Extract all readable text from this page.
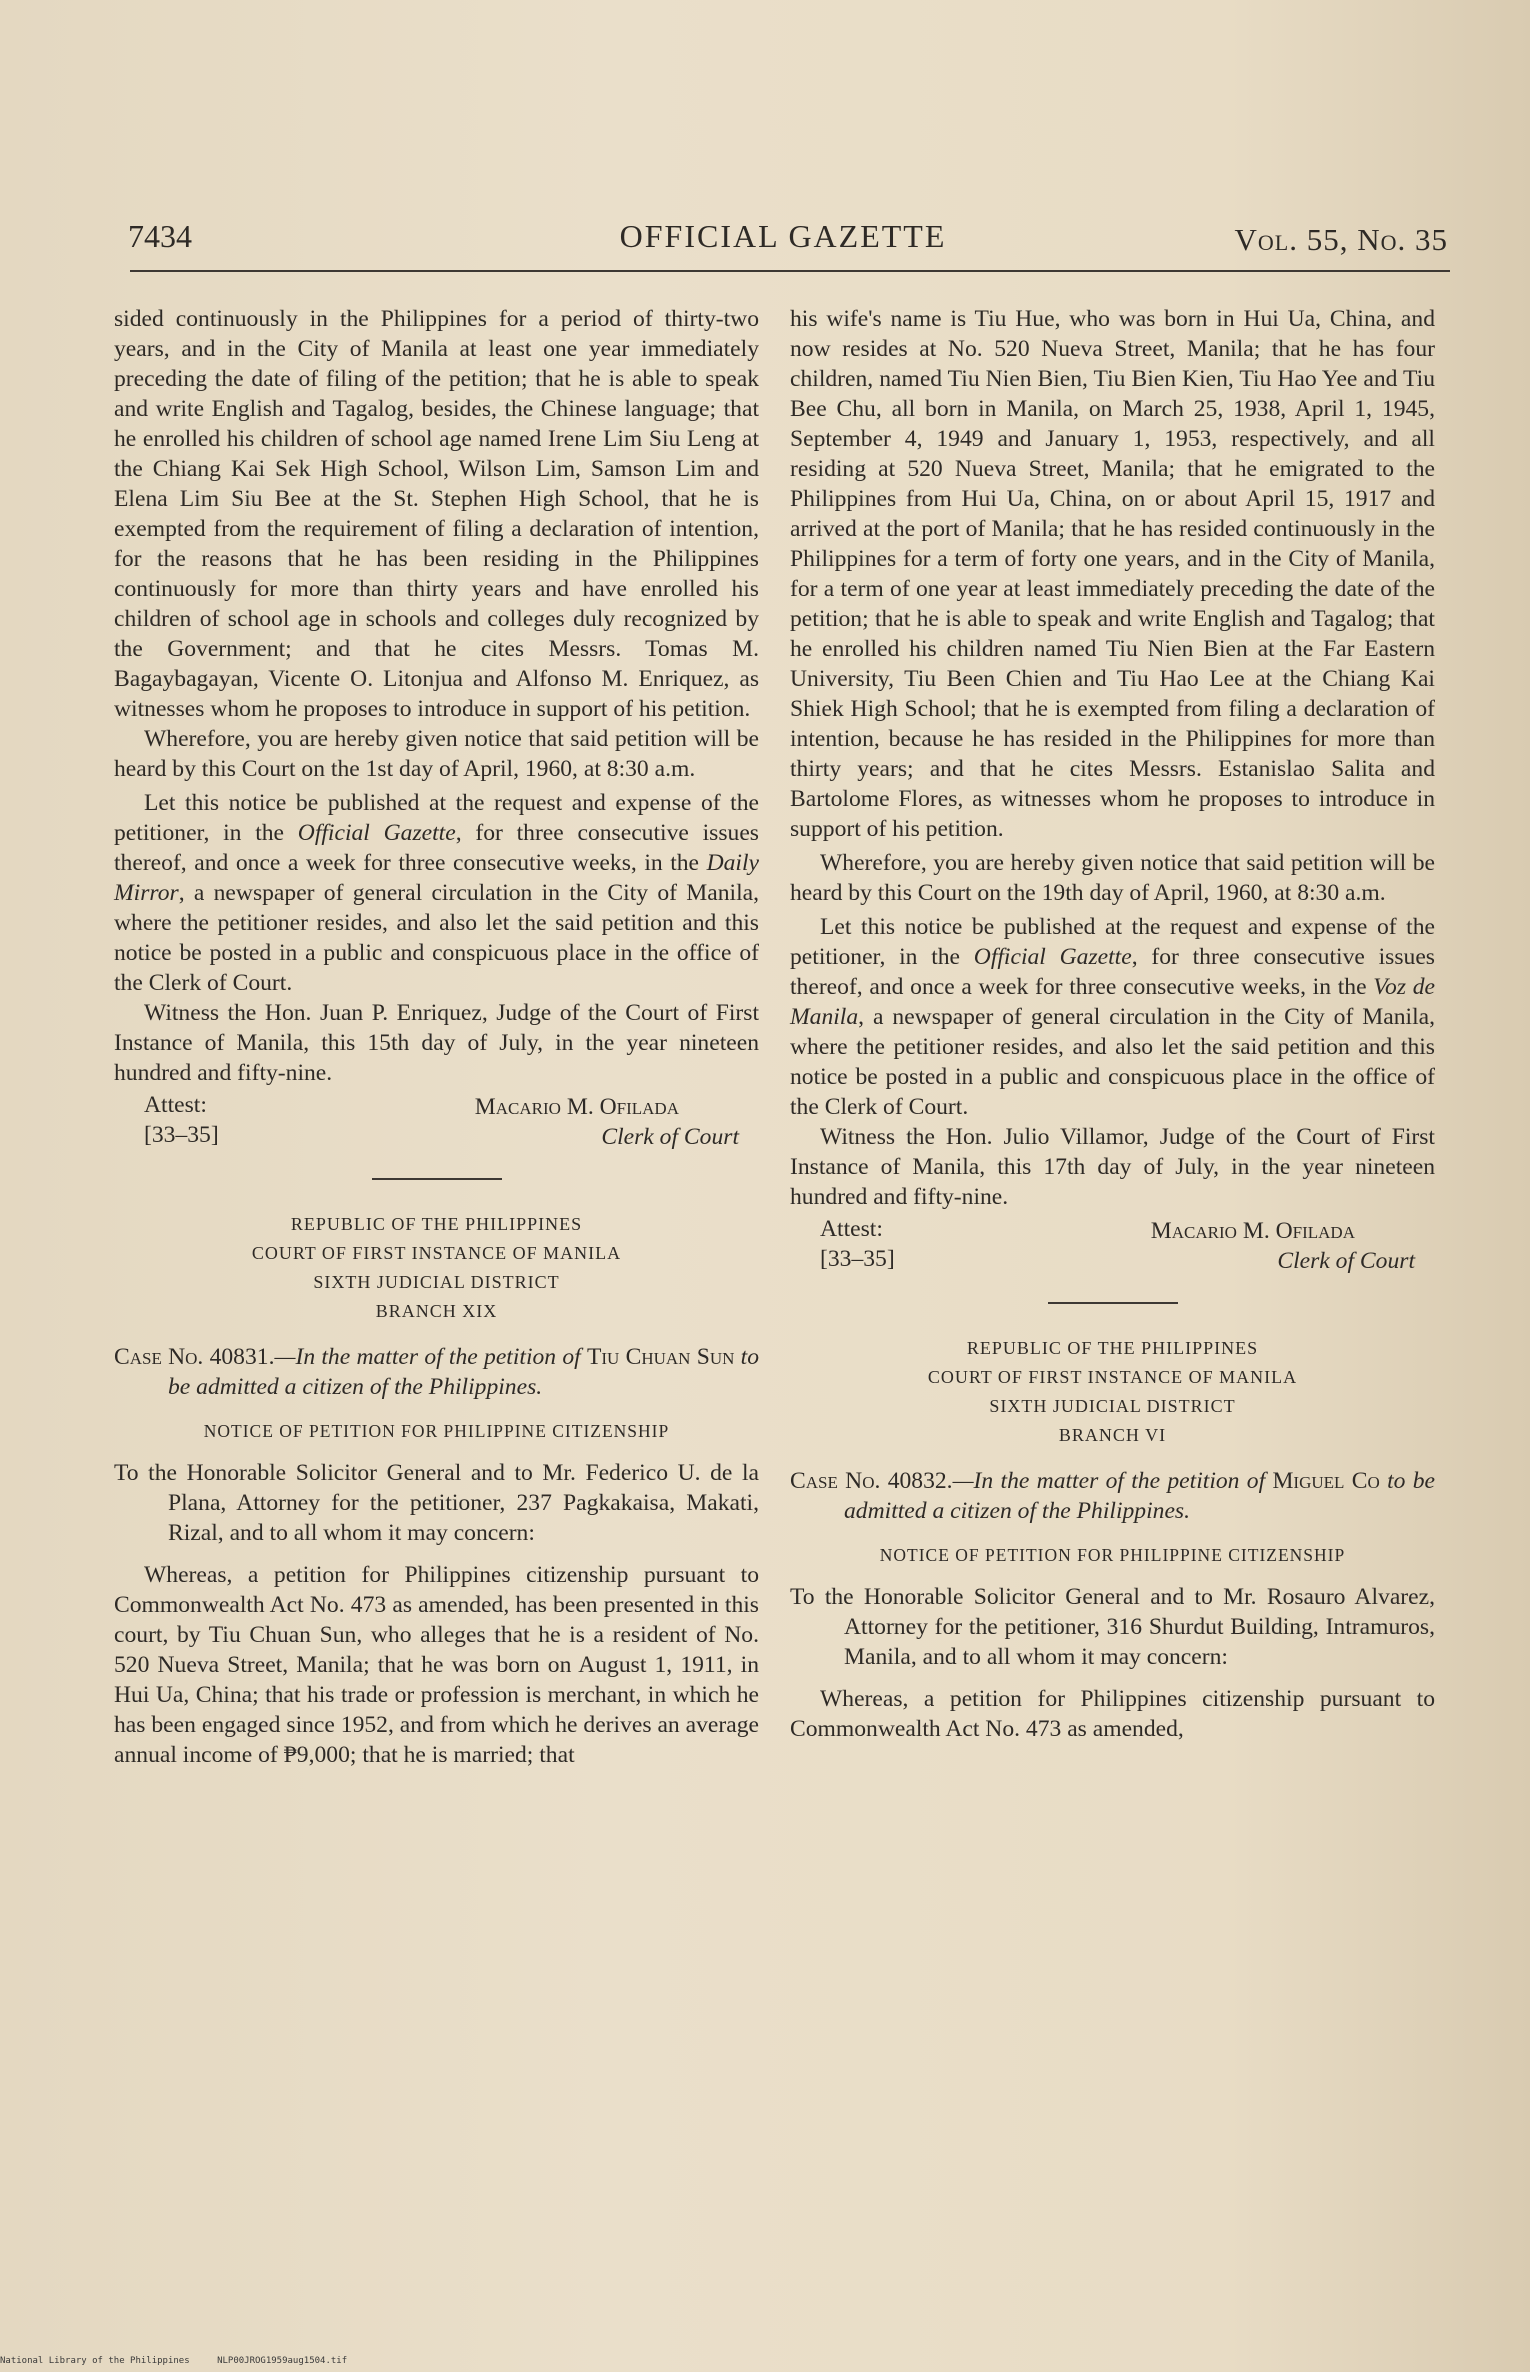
7434	OFFICIAL GAZETTE	Vol. 55, No. 35

sided continuously in the Philippines for a period of thirty-two years, and in the City of Manila at least one year immediately preceding the date of filing of the petition; that he is able to speak and write English and Tagalog, besides, the Chinese language; that he enrolled his children of school age named Irene Lim Siu Leng at the Chiang Kai Sek High School, Wilson Lim, Samson Lim and Elena Lim Siu Bee at the St. Stephen High School, that he is exempted from the requirement of filing a declaration of intention, for the reasons that he has been residing in the Philippines continuously for more than thirty years and have enrolled his children of school age in schools and colleges duly recognized by the Government; and that he cites Messrs. Tomas M. Bagaybagayan, Vicente O. Litonjua and Alfonso M. Enriquez, as witnesses whom he proposes to introduce in support of his petition.

Wherefore, you are hereby given notice that said petition will be heard by this Court on the 1st day of April, 1960, at 8:30 a.m.

Let this notice be published at the request and expense of the petitioner, in the Official Gazette, for three consecutive issues thereof, and once a week for three consecutive weeks, in the Daily Mirror, a newspaper of general circulation in the City of Manila, where the petitioner resides, and also let the said petition and this notice be posted in a public and conspicuous place in the office of the Clerk of Court.

Witness the Hon. Juan P. Enriquez, Judge of the Court of First Instance of Manila, this 15th day of July, in the year nineteen hundred and fifty-nine.

Attest:
[33–35]
Macario M. Ofilada
Clerk of Court
REPUBLIC OF THE PHILIPPINES
COURT OF FIRST INSTANCE OF MANILA
SIXTH JUDICIAL DISTRICT
BRANCH XIX

Case No. 40831.—In the matter of the petition of Tiu Chuan Sun to be admitted a citizen of the Philippines.

NOTICE OF PETITION FOR PHILIPPINE CITIZENSHIP

To the Honorable Solicitor General and to Mr. Federico U. de la Plana, Attorney for the petitioner, 237 Pagkakaisa, Makati, Rizal, and to all whom it may concern:

Whereas, a petition for Philippines citizenship pursuant to Commonwealth Act No. 473 as amended, has been presented in this court, by Tiu Chuan Sun, who alleges that he is a resident of No. 520 Nueva Street, Manila; that he was born on August 1, 1911, in Hui Ua, China; that his trade or profession is merchant, in which he has been engaged since 1952, and from which he derives an average annual income of ₱9,000; that he is married; that

his wife's name is Tiu Hue, who was born in Hui Ua, China, and now resides at No. 520 Nueva Street, Manila; that he has four children, named Tiu Nien Bien, Tiu Bien Kien, Tiu Hao Yee and Tiu Bee Chu, all born in Manila, on March 25, 1938, April 1, 1945, September 4, 1949 and January 1, 1953, respectively, and all residing at 520 Nueva Street, Manila; that he emigrated to the Philippines from Hui Ua, China, on or about April 15, 1917 and arrived at the port of Manila; that he has resided continuously in the Philippines for a term of forty one years, and in the City of Manila, for a term of one year at least immediately preceding the date of the petition; that he is able to speak and write English and Tagalog; that he enrolled his children named Tiu Nien Bien at the Far Eastern University, Tiu Been Chien and Tiu Hao Lee at the Chiang Kai Shiek High School; that he is exempted from filing a declaration of intention, because he has resided in the Philippines for more than thirty years; and that he cites Messrs. Estanislao Salita and Bartolome Flores, as witnesses whom he proposes to introduce in support of his petition.

Wherefore, you are hereby given notice that said petition will be heard by this Court on the 19th day of April, 1960, at 8:30 a.m.

Let this notice be published at the request and expense of the petitioner, in the Official Gazette, for three consecutive issues thereof, and once a week for three consecutive weeks, in the Voz de Manila, a newspaper of general circulation in the City of Manila, where the petitioner resides, and also let the said petition and this notice be posted in a public and conspicuous place in the office of the Clerk of Court.

Witness the Hon. Julio Villamor, Judge of the Court of First Instance of Manila, this 17th day of July, in the year nineteen hundred and fifty-nine.

Attest:
[33–35]
Macario M. Ofilada
Clerk of Court
REPUBLIC OF THE PHILIPPINES
COURT OF FIRST INSTANCE OF MANILA
SIXTH JUDICIAL DISTRICT
BRANCH VI

Case No. 40832.—In the matter of the petition of Miguel Co to be admitted a citizen of the Philippines.

NOTICE OF PETITION FOR PHILIPPINE CITIZENSHIP

To the Honorable Solicitor General and to Mr. Rosauro Alvarez, Attorney for the petitioner, 316 Shurdut Building, Intramuros, Manila, and to all whom it may concern:

Whereas, a petition for Philippines citizenship pursuant to Commonwealth Act No. 473 as amended,

National Library of the Philippines	NLP00JROG1959aug1504.tif
